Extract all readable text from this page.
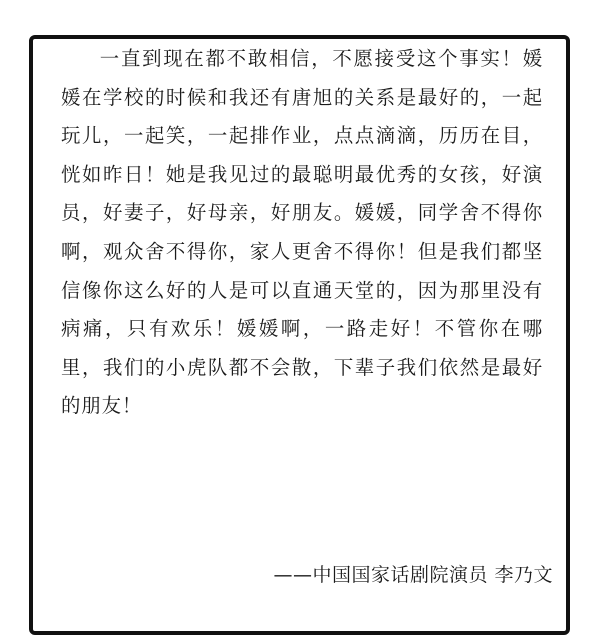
一直到现在都不敢相信，不愿接受这个事实！媛媛在学校的时候和我还有唐旭的关系是最好的，一起玩儿，一起笑，一起排作业，点点滴滴，历历在目，恍如昨日！她是我见过的最聪明最优秀的女孩，好演员，好妻子，好母亲，好朋友。媛媛，同学舍不得你啊，观众舍不得你，家人更舍不得你！但是我们都坚信像你这么好的人是可以直通天堂的，因为那里没有病痛，只有欢乐！媛媛啊，一路走好！不管你在哪里，我们的小虎队都不会散，下辈子我们依然是最好的朋友！

——中国国家话剧院演员 李乃文
